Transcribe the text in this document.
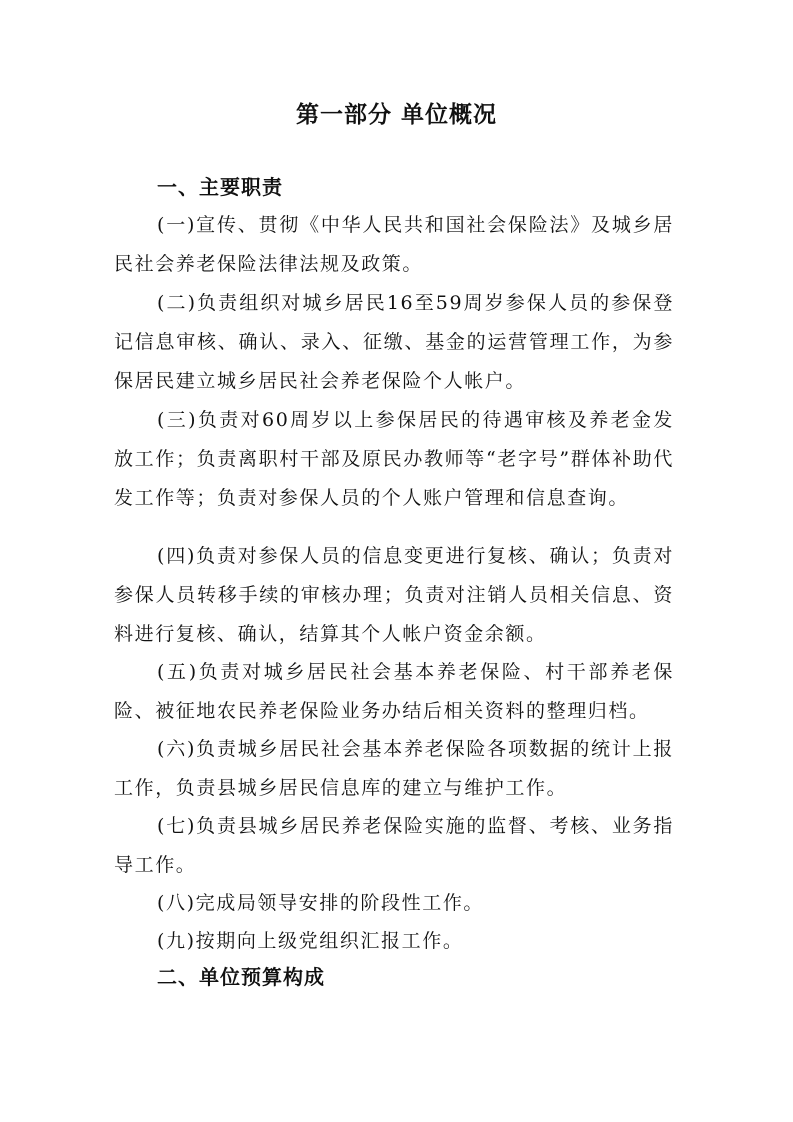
第一部分 单位概况
一、主要职责

(一)宣传、贯彻《中华人民共和国社会保险法》及城乡居民社会养老保险法律法规及政策。

(二)负责组织对城乡居民16至59周岁参保人员的参保登记信息审核、确认、录入、征缴、基金的运营管理工作，为参保居民建立城乡居民社会养老保险个人帐户。

(三)负责对60周岁以上参保居民的待遇审核及养老金发放工作；负责离职村干部及原民办教师等“老字号”群体补助代发工作等；负责对参保人员的个人账户管理和信息查询。

(四)负责对参保人员的信息变更进行复核、确认；负责对参保人员转移手续的审核办理；负责对注销人员相关信息、资料进行复核、确认，结算其个人帐户资金余额。

(五)负责对城乡居民社会基本养老保险、村干部养老保险、被征地农民养老保险业务办结后相关资料的整理归档。

(六)负责城乡居民社会基本养老保险各项数据的统计上报工作，负责县城乡居民信息库的建立与维护工作。

(七)负责县城乡居民养老保险实施的监督、考核、业务指导工作。

(八)完成局领导安排的阶段性工作。

(九)按期向上级党组织汇报工作。

二、单位预算构成
